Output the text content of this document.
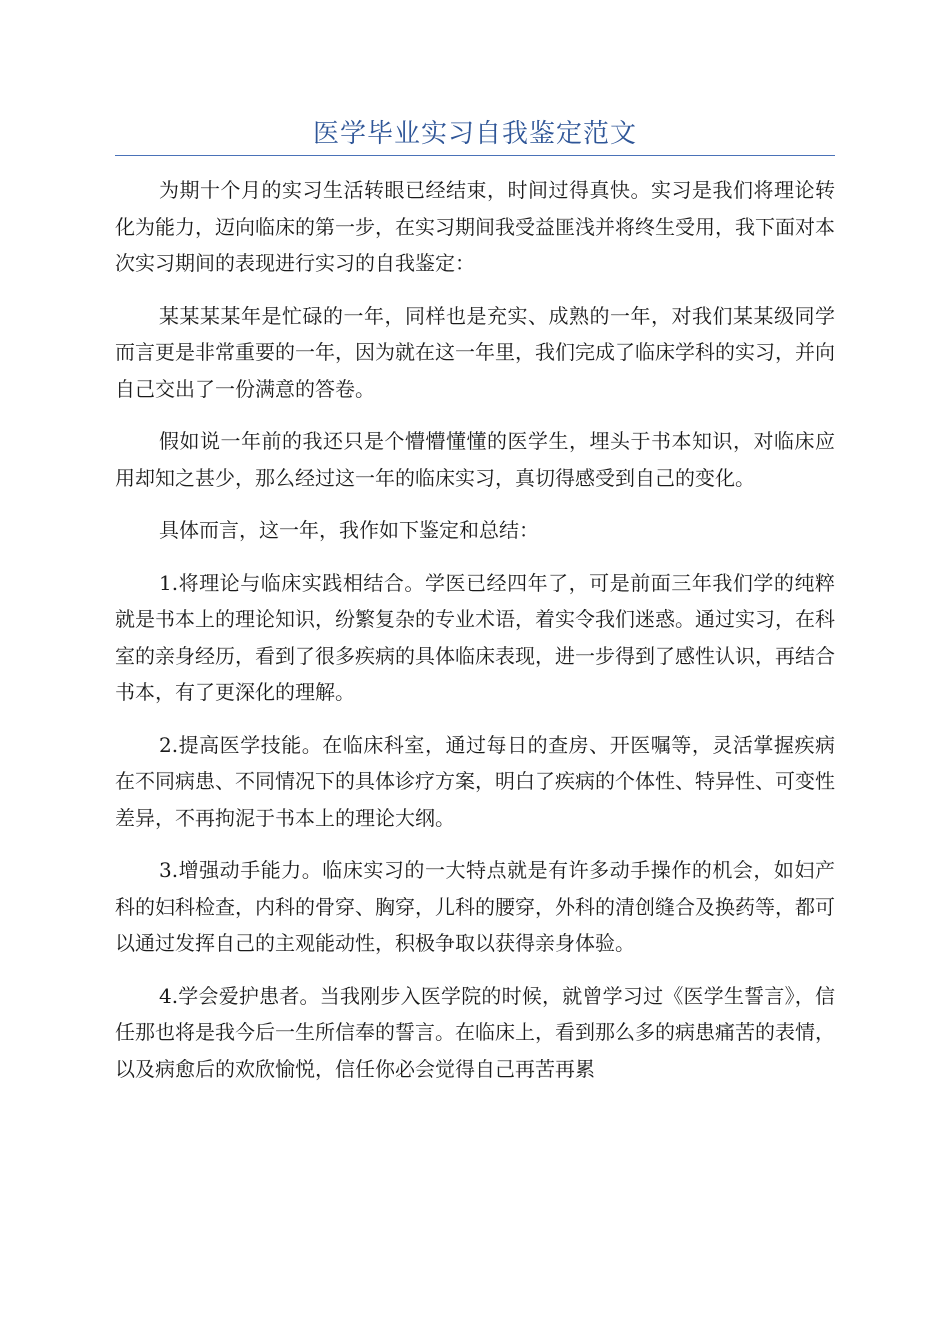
医学毕业实习自我鉴定范文

为期十个月的实习生活转眼已经结束，时间过得真快。实习是我们将理论转化为能力，迈向临床的第一步，在实习期间我受益匪浅并将终生受用，我下面对本次实习期间的表现进行实习的自我鉴定：

某某某某年是忙碌的一年，同样也是充实、成熟的一年，对我们某某级同学而言更是非常重要的一年，因为就在这一年里，我们完成了临床学科的实习，并向自己交出了一份满意的答卷。

假如说一年前的我还只是个懵懵懂懂的医学生，埋头于书本知识，对临床应用却知之甚少，那么经过这一年的临床实习，真切得感受到自己的变化。

具体而言，这一年，我作如下鉴定和总结：

1.将理论与临床实践相结合。学医已经四年了，可是前面三年我们学的纯粹就是书本上的理论知识，纷繁复杂的专业术语，着实令我们迷惑。通过实习，在科室的亲身经历，看到了很多疾病的具体临床表现，进一步得到了感性认识，再结合书本，有了更深化的理解。

2.提高医学技能。在临床科室，通过每日的查房、开医嘱等，灵活掌握疾病在不同病患、不同情况下的具体诊疗方案，明白了疾病的个体性、特异性、可变性差异，不再拘泥于书本上的理论大纲。

3.增强动手能力。临床实习的一大特点就是有许多动手操作的机会，如妇产科的妇科检查，内科的骨穿、胸穿，儿科的腰穿，外科的清创缝合及换药等，都可以通过发挥自己的主观能动性，积极争取以获得亲身体验。

4.学会爱护患者。当我刚步入医学院的时候，就曾学习过《医学生誓言》，信任那也将是我今后一生所信奉的誓言。在临床上，看到那么多的病患痛苦的表情，以及病愈后的欢欣愉悦，信任你必会觉得自己再苦再累
